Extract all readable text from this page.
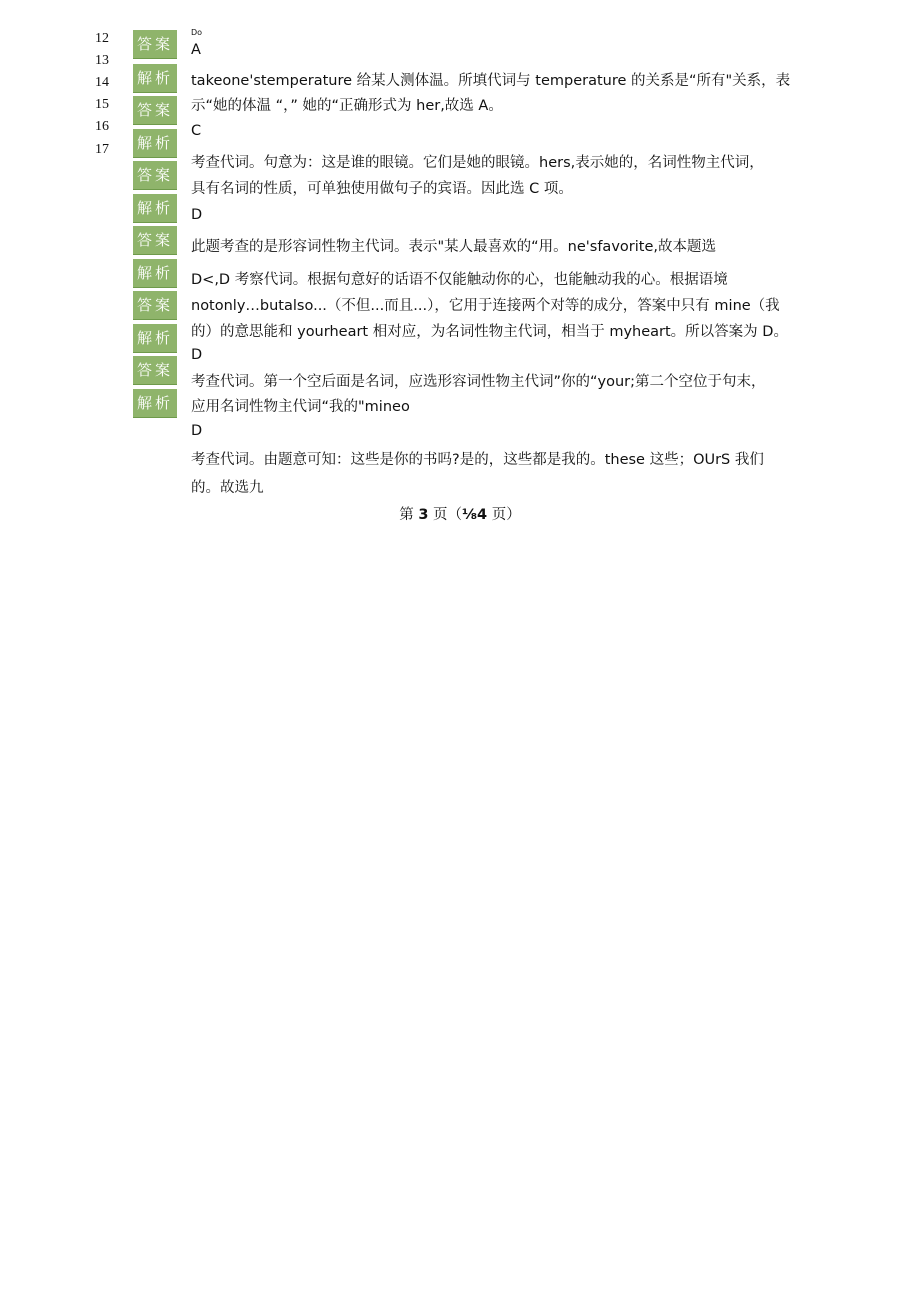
12
13
14
15
16
17
答案
解析
答案
解析
答案
解析
答案
解析
答案
解析
答案
解析
Do
A
takeone'stemperature 给某人测体温。所填代词与 temperature 的关系是“所有"关系，表
示“她的体温 “，” 她的“正确形式为 her,故选 A。
C
考查代词。句意为：这是谁的眼镜。它们是她的眼镜。hers,表示她的，名词性物主代词，
具有名词的性质，可单独使用做句子的宾语。因此选 C 项。
D
此题考查的是形容词性物主代词。表示"某人最喜欢的“用。ne'sfavorite,故本题选
D<,D 考察代词。根据句意好的话语不仅能触动你的心，也能触动我的心。根据语境
notonly…butalso...（不但...而且...），它用于连接两个对等的成分，答案中只有 mine（我
的）的意思能和 yourheart 相对应，为名词性物主代词，相当于 myheart。所以答案为 D。
D
考查代词。第一个空后面是名词，应选形容词性物主代词”你的“your;第二个空位于句末，
应用名词性物主代词“我的"mineo
D
考查代词。由题意可知：这些是你的书吗?是的，这些都是我的。these 这些；OUrS 我们
的。故选九
第 3 页（⅛4 页）
